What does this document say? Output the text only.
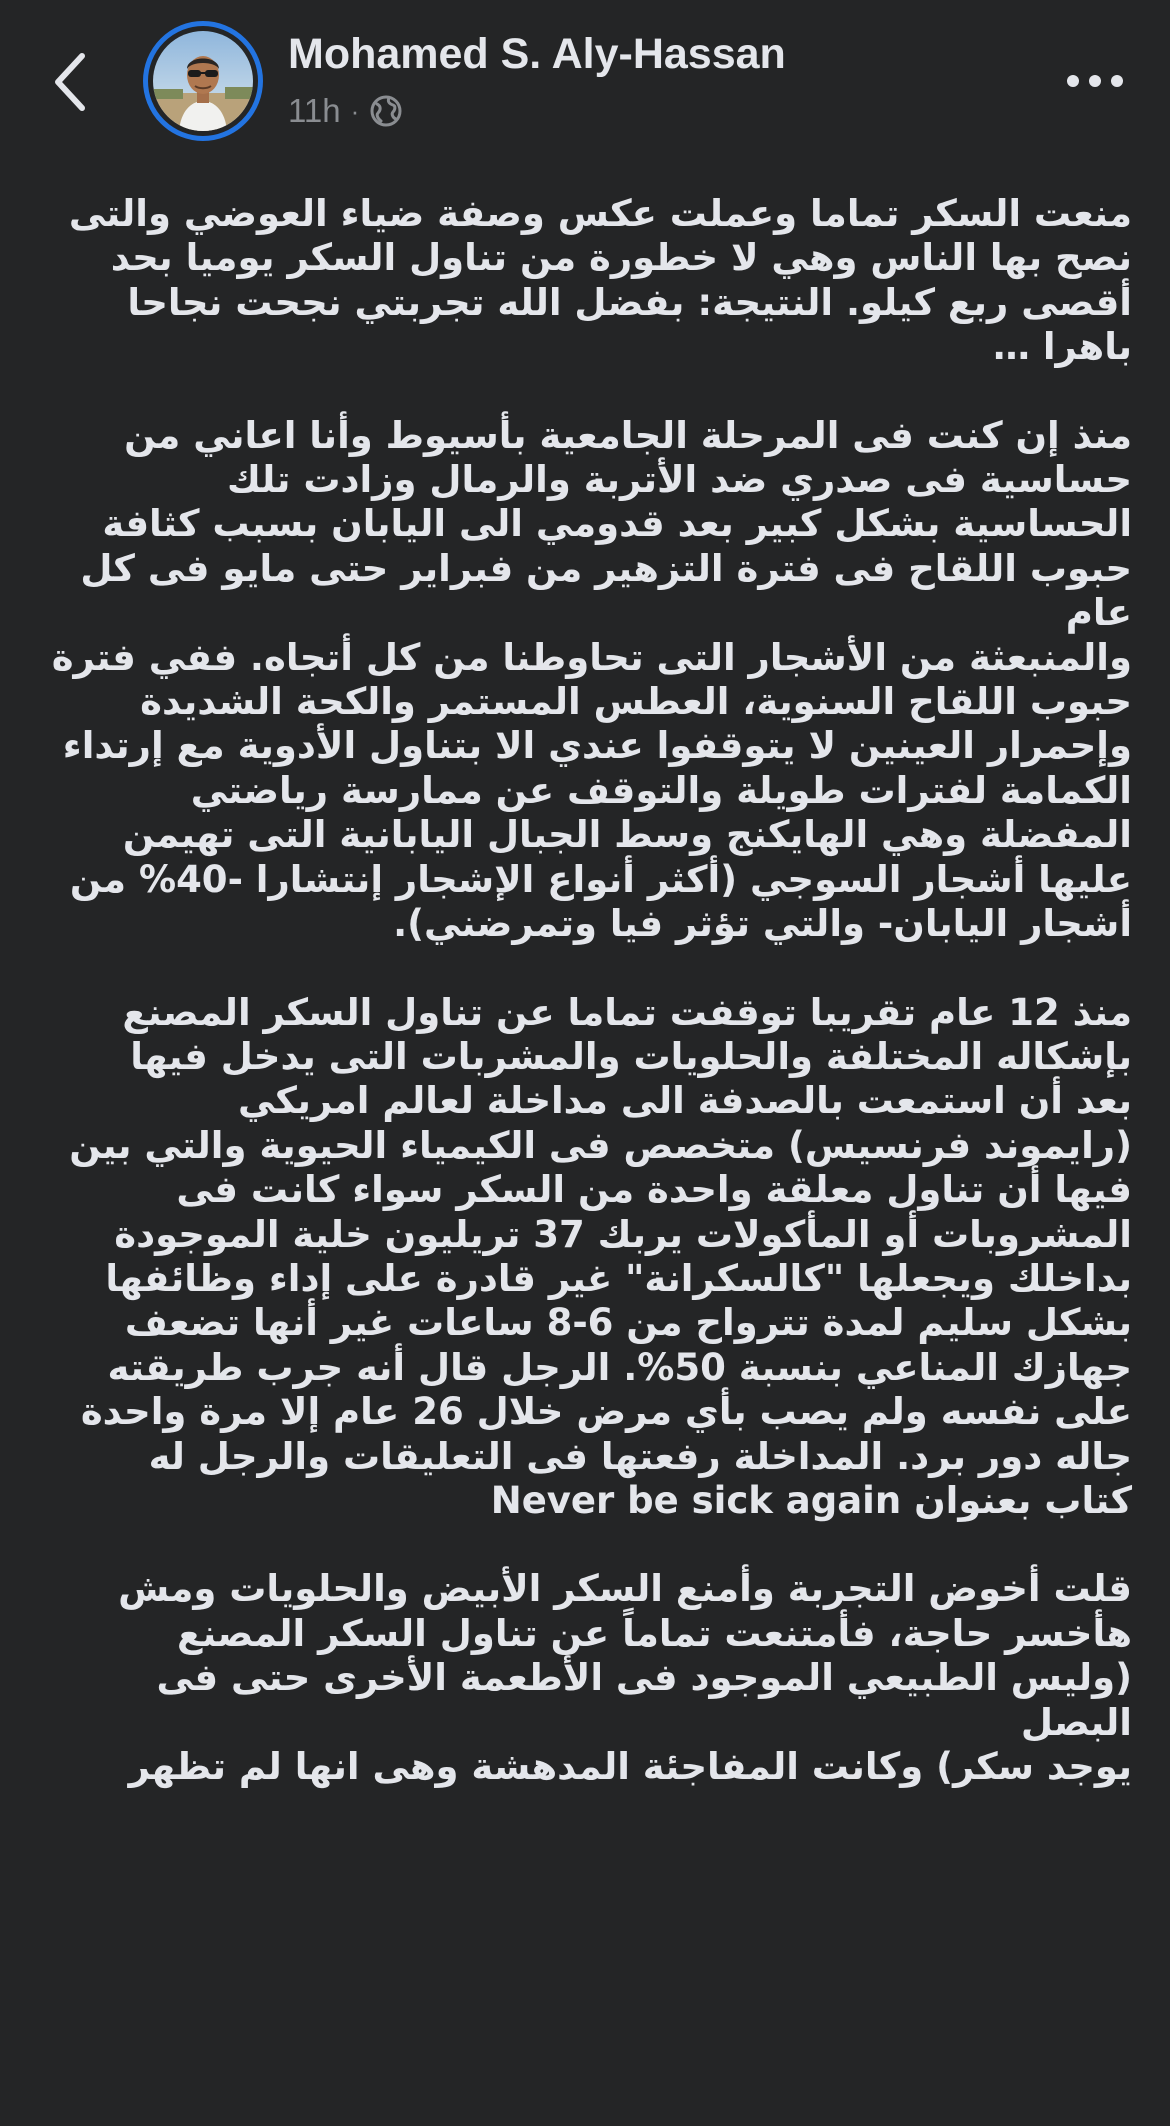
Mohamed S. Aly-Hassan
11h ·

منعت السكر تماما وعملت عكس وصفة ضياء العوضي والتى
نصح بها الناس وهي لا خطورة من تناول السكر يوميا بحد
أقصى ربع كيلو. النتيجة: بفضل الله تجربتي نجحت نجاحا
باهرا …

منذ إن كنت فى المرحلة الجامعية بأسيوط وأنا اعاني من
حساسية فى صدري ضد الأتربة والرمال وزادت تلك
الحساسية بشكل كبير بعد قدومي الى اليابان بسبب كثافة
حبوب اللقاح فى فترة التزهير من فبراير حتى مايو فى كل عام
والمنبعثة من الأشجار التى تحاوطنا من كل أتجاه. ففي فترة
حبوب اللقاح السنوية، العطس المستمر والكحة الشديدة
وإحمرار العينين لا يتوقفوا عندي الا بتناول الأدوية مع إرتداء
الكمامة لفترات طويلة والتوقف عن ممارسة رياضتي
المفضلة وهي الهايكنج وسط الجبال اليابانية التى تهيمن
عليها أشجار السوجي (أكثر أنواع الإشجار إنتشارا -40% من
أشجار اليابان- والتي تؤثر فيا وتمرضني).

منذ 12 عام تقريبا توقفت تماما عن تناول السكر المصنع
بإشكاله المختلفة والحلويات والمشربات التى يدخل فيها
بعد أن استمعت بالصدفة الى مداخلة لعالم امريكي
(رايموند فرنسيس) متخصص فى الكيمياء الحيوية والتي بين
فيها أن تناول معلقة واحدة من السكر سواء كانت فى
المشروبات أو المأكولات يربك 37 تريليون خلية الموجودة
بداخلك ويجعلها "كالسكرانة" غير قادرة على إداء وظائفها
بشكل سليم لمدة تترواح من 6-8 ساعات غير أنها تضعف
جهازك المناعي بنسبة 50%. الرجل قال أنه جرب طريقته
على نفسه ولم يصب بأي مرض خلال 26 عام إلا مرة واحدة
جاله دور برد. المداخلة رفعتها فى التعليقات والرجل له
كتاب بعنوان Never be sick again

قلت أخوض التجربة وأمنع السكر الأبيض والحلويات ومش
هأخسر حاجة، فأمتنعت تماماً عن تناول السكر المصنع
(وليس الطبيعي الموجود فى الأطعمة الأخرى حتى فى البصل
يوجد سكر) وكانت المفاجئة المدهشة وهى انها لم تظهر
